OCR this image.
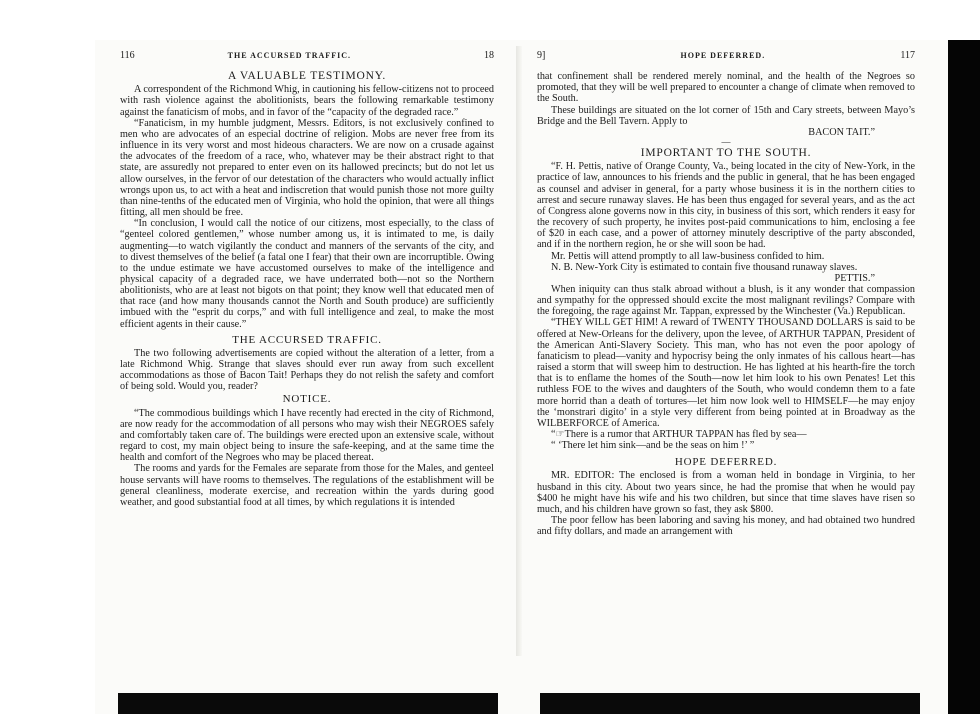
116	THE ACCURSED TRAFFIC.	18
A VALUABLE TESTIMONY.

A correspondent of the Richmond Whig, in cautioning his fellow-citizens not to proceed with rash violence against the abolitionists, bears the following remarkable testimony against the fanaticism of mobs, and in favor of the “capacity of the degraded race.”

“Fanaticism, in my humble judgment, Messrs. Editors, is not exclusively confined to men who are advocates of an especial doctrine of religion. Mobs are never free from its influence in its very worst and most hideous characters. We are now on a crusade against the advocates of the freedom of a race, who, whatever may be their abstract right to that state, are assuredly not prepared to enter even on its hallowed precincts; but do not let us allow ourselves, in the fervor of our detestation of the characters who would actually inflict wrongs upon us, to act with a heat and indiscretion that would punish those not more guilty than nine-tenths of the educated men of Virginia, who hold the opinion, that were all things fitting, all men should be free.

“In conclusion, I would call the notice of our citizens, most especially, to the class of “genteel colored gentlemen,” whose number among us, it is intimated to me, is daily augmenting—to watch vigilantly the conduct and manners of the servants of the city, and to divest themselves of the belief (a fatal one I fear) that their own are incorruptible. Owing to the undue estimate we have accustomed ourselves to make of the intelligence and physical capacity of a degraded race, we have underrated both—not so the Northern abolitionists, who are at least not bigots on that point; they know well that educated men of that race (and how many thousands cannot the North and South produce) are sufficiently imbued with the “esprit du corps,” and with full intelligence and zeal, to make the most efficient agents in their cause.”

THE ACCURSED TRAFFIC.

The two following advertisements are copied without the alteration of a letter, from a late Richmond Whig. Strange that slaves should ever run away from such excellent accommodations as those of Bacon Tait! Perhaps they do not relish the safety and comfort of being sold. Would you, reader?

NOTICE.

“The commodious buildings which I have recently had erected in the city of Richmond, are now ready for the accommodation of all persons who may wish their NEGROES safely and comfortably taken care of. The buildings were erected upon an extensive scale, without regard to cost, my main object being to insure the safe-keeping, and at the same time the health and comfort of the Negroes who may be placed thereat.

The rooms and yards for the Females are separate from those for the Males, and genteel house servants will have rooms to themselves. The regulations of the establishment will be general cleanliness, moderate exercise, and recreation within the yards during good weather, and good substantial food at all times, by which regulations it is intended

9]	HOPE DEFERRED.	117

that confinement shall be rendered merely nominal, and the health of the Negroes so promoted, that they will be well prepared to encounter a change of climate when removed to the South.

These buildings are situated on the lot corner of 15th and Cary streets, between Mayo’s Bridge and the Bell Tavern. Apply to

BACON TAIT.”
—
IMPORTANT TO THE SOUTH.

“F. H. Pettis, native of Orange County, Va., being located in the city of New-York, in the practice of law, announces to his friends and the public in general, that he has been engaged as counsel and adviser in general, for a party whose business it is in the northern cities to arrest and secure runaway slaves. He has been thus engaged for several years, and as the act of Congress alone governs now in this city, in business of this sort, which renders it easy for the recovery of such property, he invites post-paid communications to him, enclosing a fee of $20 in each case, and a power of attorney minutely descriptive of the party absconded, and if in the northern region, he or she will soon be had.

Mr. Pettis will attend promptly to all law-business confided to him.

N. B. New-York City is estimated to contain five thousand runaway slaves.

PETTIS.”

When iniquity can thus stalk abroad without a blush, is it any wonder that compassion and sympathy for the oppressed should excite the most malignant revilings? Compare with the foregoing, the rage against Mr. Tappan, expressed by the Winchester (Va.) Republican.

“THEY WILL GET HIM! A reward of TWENTY THOUSAND DOLLARS is said to be offered at New-Orleans for the delivery, upon the levee, of ARTHUR TAPPAN, President of the American Anti-Slavery Society. This man, who has not even the poor apology of fanaticism to plead—vanity and hypocrisy being the only inmates of his callous heart—has raised a storm that will sweep him to destruction. He has lighted at his hearth-fire the torch that is to enflame the homes of the South—now let him look to his own Penates! Let this ruthless FOE to the wives and daughters of the South, who would condemn them to a fate more horrid than a death of tortures—let him now look well to HIMSELF—he may enjoy the ‘monstrari digito’ in a style very different from being pointed at in Broadway as the WILBERFORCE of America.

“☞There is a rumor that ARTHUR TAPPAN has fled by sea—

“ ‘There let him sink—and be the seas on him !’ ”

HOPE DEFERRED.

MR. EDITOR: The enclosed is from a woman held in bondage in Virginia, to her husband in this city. About two years since, he had the promise that when he would pay $400 he might have his wife and his two children, but since that time slaves have risen so much, and his children have grown so fast, they ask $800.

The poor fellow has been laboring and saving his money, and had obtained two hundred and fifty dollars, and made an arrangement with
